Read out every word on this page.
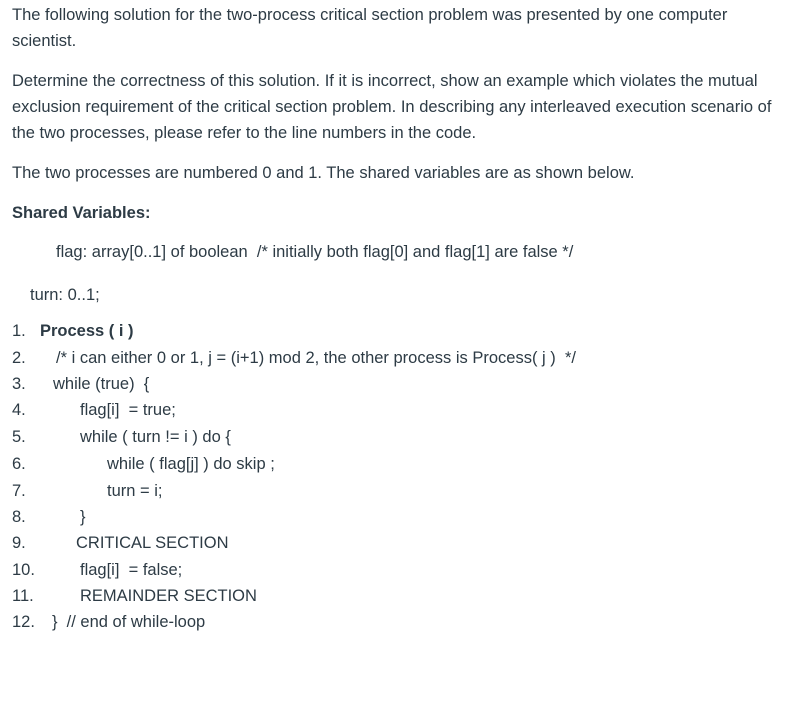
The following solution for the two-process critical section problem was presented by one computer scientist.

Determine the correctness of this solution. If it is incorrect, show an example which violates the mutual exclusion requirement of the critical section problem. In describing any interleaved execution scenario of the two processes, please refer to the line numbers in the code.

The two processes are numbered 0 and 1. The shared variables are as shown below.

Shared Variables:

flag: array[0..1] of boolean  /* initially both flag[0] and flag[1] are false */

turn: 0..1;

1.

Process ( i )

2.

/* i can either 0 or 1, j = (i+1) mod 2, the other process is Process( j )  */

3.

while (true)  {

4.

	flag[i]  = true;

5.

	while ( turn != i ) do {

6.

	while ( flag[j] ) do skip ;

7.

	turn = i;

8.

	}

9.

	CRITICAL SECTION

10.

	flag[i]  = false;

11.

	REMAINDER SECTION

12.

}  // end of while-loop
